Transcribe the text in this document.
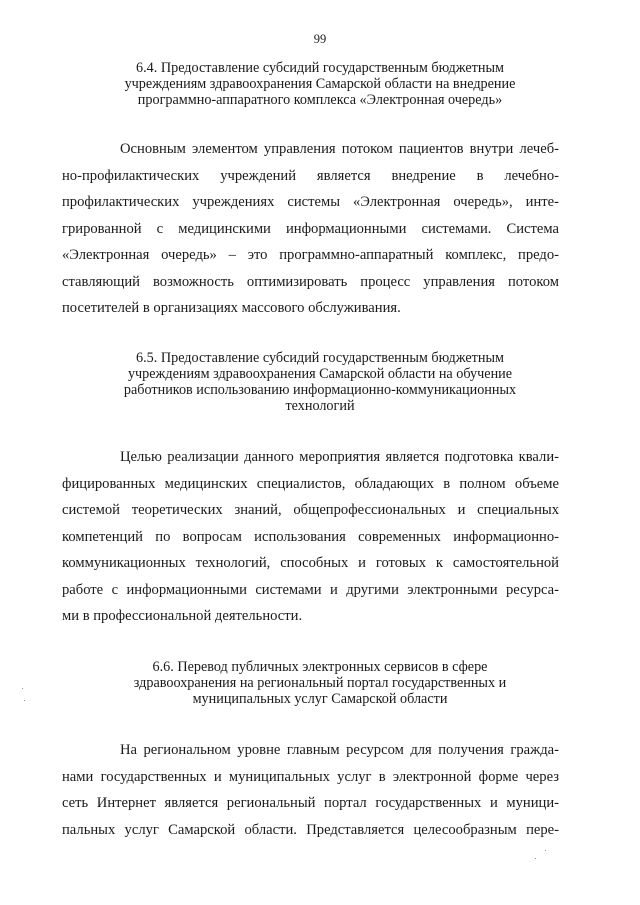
99
6.4. Предоставление субсидий государственным бюджетным
учреждениям здравоохранения Самарской области на внедрение
программно-аппаратного комплекса «Электронная очередь»

Основным элементом управления потоком пациентов внутри лечеб-
но-профилактических учреждений является внедрение в лечебно-
профилактических учреждениях системы «Электронная очередь», инте-
грированной с медицинскими информационными системами. Система
«Электронная очередь» – это программно-аппаратный комплекс, предо-
ставляющий возможность оптимизировать процесс управления потоком
посетителей в организациях массового обслуживания.

6.5. Предоставление субсидий государственным бюджетным
учреждениям здравоохранения Самарской области на обучение
работников использованию информационно-коммуникационных
технологий

Целью реализации данного мероприятия является подготовка квали-
фицированных медицинских специалистов, обладающих в полном объеме
системой теоретических знаний, общепрофессиональных и специальных
компетенций по вопросам использования современных информационно-
коммуникационных технологий, способных и готовых к самостоятельной
работе с информационными системами и другими электронными ресурса-
ми в профессиональной деятельности.

6.6. Перевод публичных электронных сервисов в сфере
здравоохранения на региональный портал государственных и
муниципальных услуг Самарской области

На региональном уровне главным ресурсом для получения гражда-
нами государственных и муниципальных услуг в электронной форме через
сеть Интернет является региональный портал государственных и муници-
пальных услуг Самарской области. Представляется целесообразным пере-
